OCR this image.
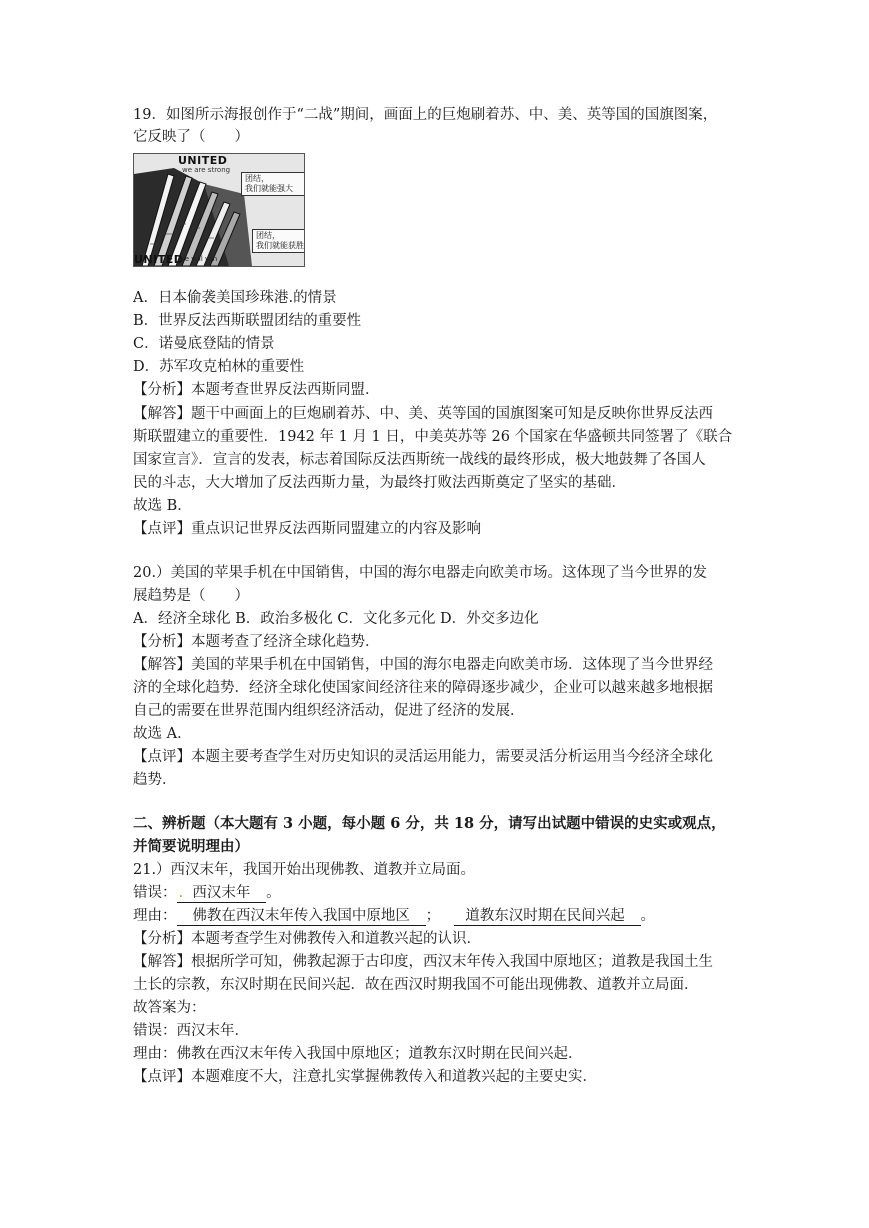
19．如图所示海报创作于“二战”期间，画面上的巨炮刷着苏、中、美、英等国的国旗图案，
它反映了（　　）
UNITED
we are strong
团结，
我们就能强大
团结，
我们就能获胜
UNITED
we will win
A．日本偷袭美国珍珠港.的情景
B．世界反法西斯联盟团结的重要性
C．诺曼底登陆的情景
D．苏军攻克柏林的重要性
【分析】本题考查世界反法西斯同盟．
【解答】题干中画面上的巨炮刷着苏、中、美、英等国的国旗图案可知是反映你世界反法西
斯联盟建立的重要性．1942 年 1 月 1 日，中美英苏等 26 个国家在华盛顿共同签署了《联合
国家宣言》．宣言的发表，标志着国际反法西斯统一战线的最终形成，极大地鼓舞了各国人
民的斗志，大大增加了反法西斯力量，为最终打败法西斯奠定了坚实的基础．
故选 B．
【点评】重点识记世界反法西斯同盟建立的内容及影响
20.）美国的苹果手机在中国销售，中国的海尔电器走向欧美市场。这体现了当今世界的发
展趋势是（　　）
A．经济全球化 B．政治多极化 C．文化多元化 D．外交多边化
【分析】本题考查了经济全球化趋势．
【解答】美国的苹果手机在中国销售，中国的海尔电器走向欧美市场．这体现了当今世界经
济的全球化趋势．经济全球化使国家间经济往来的障碍逐步减少，企业可以越来越多地根据
自己的需要在世界范围内组织经济活动，促进了经济的发展．
故选 A．
【点评】本题主要考查学生对历史知识的灵活运用能力，需要灵活分析运用当今经济全球化
趋势．
二、辨析题（本大题有 3 小题，每小题 6 分，共 18 分，请写出试题中错误的史实或观点，
并简要说明理由）
21.）西汉末年，我国开始出现佛教、道教并立局面。
错误： . 西汉末年 。
理由： 佛教在西汉末年传入我国中原地区 ； 道教东汉时期在民间兴起 。
【分析】本题考查学生对佛教传入和道教兴起的认识．
【解答】根据所学可知，佛教起源于古印度，西汉末年传入我国中原地区；道教是我国土生
土长的宗教，东汉时期在民间兴起．故在西汉时期我国不可能出现佛教、道教并立局面．
故答案为：
错误：西汉末年．
理由：佛教在西汉末年传入我国中原地区；道教东汉时期在民间兴起．
【点评】本题难度不大，注意扎实掌握佛教传入和道教兴起的主要史实．
